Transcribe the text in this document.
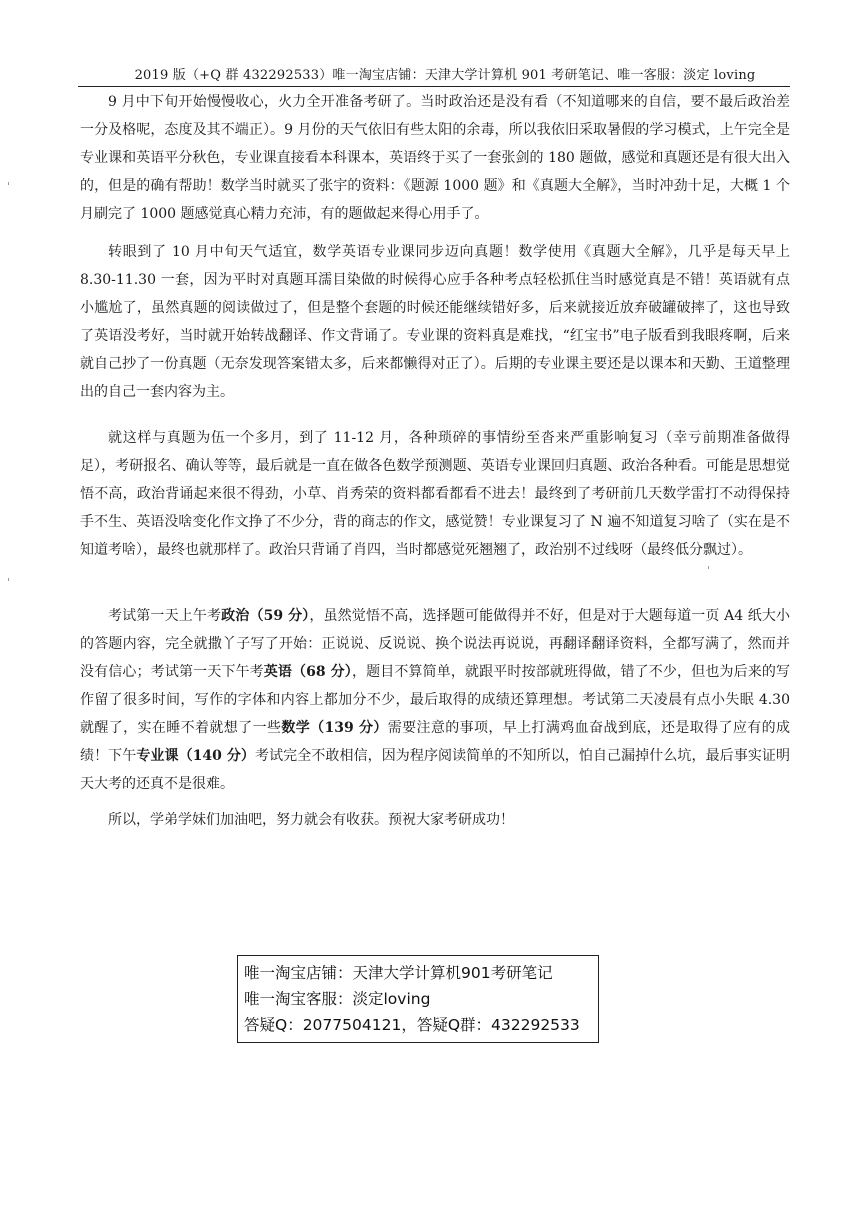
2019 版（+Q 群 432292533）唯一淘宝店铺：天津大学计算机 901 考研笔记、唯一客服：淡定 loving

9 月中下旬开始慢慢收心，火力全开准备考研了。当时政治还是没有看（不知道哪来的自信，要不最后政治差一分及格呢，态度及其不端正）。9 月份的天气依旧有些太阳的余毒，所以我依旧采取暑假的学习模式，上午完全是专业课和英语平分秋色，专业课直接看本科课本，英语终于买了一套张剑的 180 题做，感觉和真题还是有很大出入的，但是的确有帮助！数学当时就买了张宇的资料：《题源 1000 题》和《真题大全解》，当时冲劲十足，大概 1 个月刷完了 1000 题感觉真心精力充沛，有的题做起来得心用手了。

转眼到了 10 月中旬天气适宜，数学英语专业课同步迈向真题！数学使用《真题大全解》，几乎是每天早上 8.30-11.30 一套，因为平时对真题耳濡目染做的时候得心应手各种考点轻松抓住当时感觉真是不错！英语就有点小尴尬了，虽然真题的阅读做过了，但是整个套题的时候还能继续错好多，后来就接近放弃破罐破摔了，这也导致了英语没考好，当时就开始转战翻译、作文背诵了。专业课的资料真是难找，“红宝书”电子版看到我眼疼啊，后来就自己抄了一份真题（无奈发现答案错太多，后来都懒得对正了）。后期的专业课主要还是以课本和天勤、王道整理出的自己一套内容为主。

就这样与真题为伍一个多月，到了 11-12 月，各种琐碎的事情纷至沓来严重影响复习（幸亏前期准备做得足），考研报名、确认等等，最后就是一直在做各色数学预测题、英语专业课回归真题、政治各种看。可能是思想觉悟不高，政治背诵起来很不得劲，小草、肖秀荣的资料都看都看不进去！最终到了考研前几天数学雷打不动得保持手不生、英语没啥变化作文挣了不少分，背的商志的作文，感觉赞！专业课复习了 N 遍不知道复习啥了（实在是不知道考啥），最终也就那样了。政治只背诵了肖四，当时都感觉死翘翘了，政治别不过线呀（最终低分飘过）。

考试第一天上午考政治（59 分），虽然觉悟不高，选择题可能做得并不好，但是对于大题每道一页 A4 纸大小的答题内容，完全就撒丫子写了开始：正说说、反说说、换个说法再说说，再翻译翻译资料，全都写满了，然而并没有信心；考试第一天下午考英语（68 分），题目不算简单，就跟平时按部就班得做，错了不少，但也为后来的写作留了很多时间，写作的字体和内容上都加分不少，最后取得的成绩还算理想。考试第二天凌晨有点小失眠 4.30 就醒了，实在睡不着就想了一些数学（139 分）需要注意的事项，早上打满鸡血奋战到底，还是取得了应有的成绩！下午专业课（140 分）考试完全不敢相信，因为程序阅读简单的不知所以，怕自己漏掉什么坑，最后事实证明天大考的还真不是很难。

所以，学弟学妹们加油吧，努力就会有收获。预祝大家考研成功！

唯一淘宝店铺：天津大学计算机901考研笔记
唯一淘宝客服：淡定loving
答疑Q：2077504121，答疑Q群：432292533
